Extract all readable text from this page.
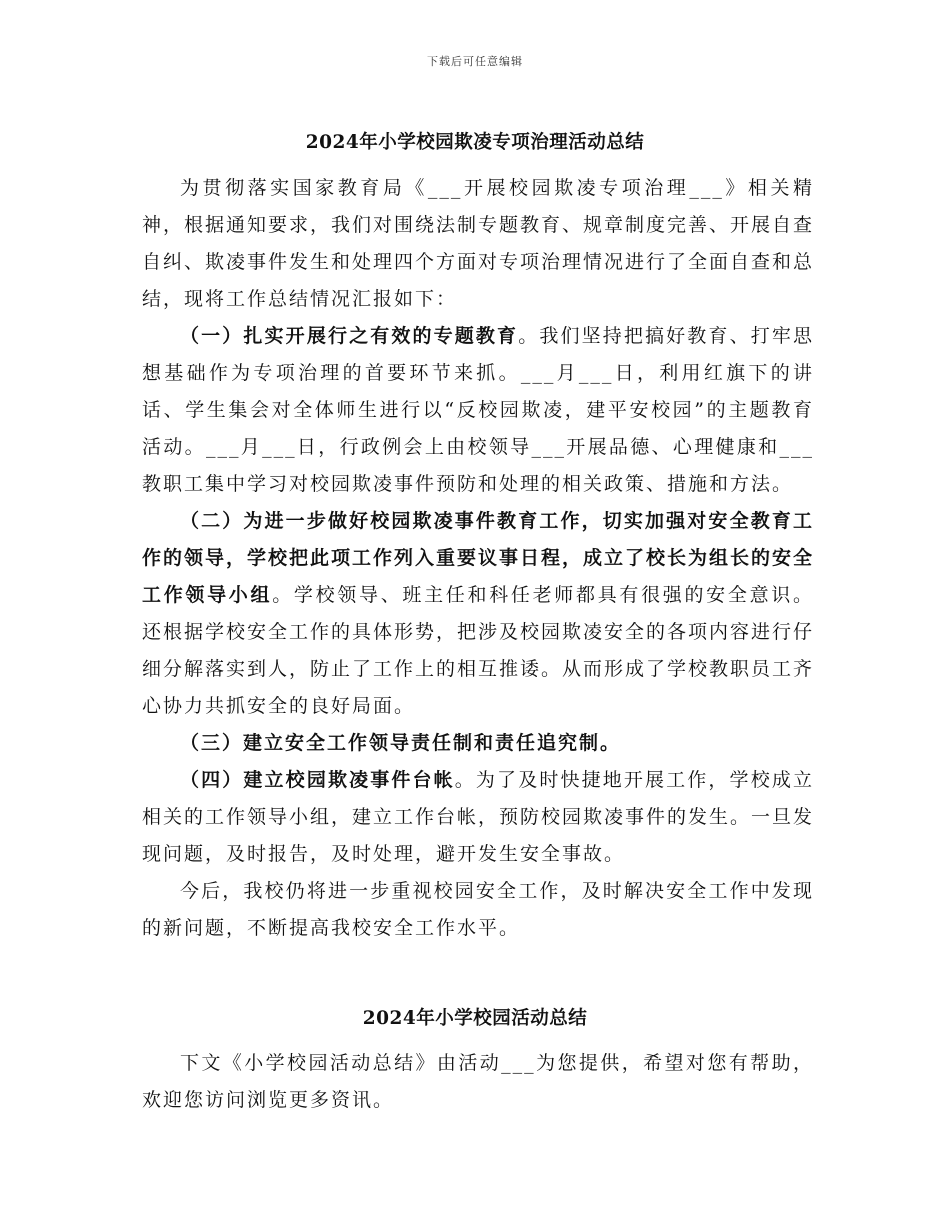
下载后可任意编辑
2024年小学校园欺凌专项治理活动总结

为贯彻落实国家教育局《___开展校园欺凌专项治理___》相关精神，根据通知要求，我们对围绕法制专题教育、规章制度完善、开展自查自纠、欺凌事件发生和处理四个方面对专项治理情况进行了全面自查和总结，现将工作总结情况汇报如下：

（一）扎实开展行之有效的专题教育。我们坚持把搞好教育、打牢思想基础作为专项治理的首要环节来抓。___月___日，利用红旗下的讲话、学生集会对全体师生进行以“反校园欺凌，建平安校园”的主题教育活动。___月___日，行政例会上由校领导___开展品德、心理健康和___教职工集中学习对校园欺凌事件预防和处理的相关政策、措施和方法。

（二）为进一步做好校园欺凌事件教育工作，切实加强对安全教育工作的领导，学校把此项工作列入重要议事日程，成立了校长为组长的安全工作领导小组。学校领导、班主任和科任老师都具有很强的安全意识。还根据学校安全工作的具体形势，把涉及校园欺凌安全的各项内容进行仔细分解落实到人，防止了工作上的相互推诿。从而形成了学校教职员工齐心协力共抓安全的良好局面。

（三）建立安全工作领导责任制和责任追究制。

（四）建立校园欺凌事件台帐。为了及时快捷地开展工作，学校成立相关的工作领导小组，建立工作台帐，预防校园欺凌事件的发生。一旦发现问题，及时报告，及时处理，避开发生安全事故。

今后，我校仍将进一步重视校园安全工作，及时解决安全工作中发现的新问题，不断提高我校安全工作水平。

2024年小学校园活动总结

下文《小学校园活动总结》由活动___为您提供，希望对您有帮助，欢迎您访问浏览更多资讯。
